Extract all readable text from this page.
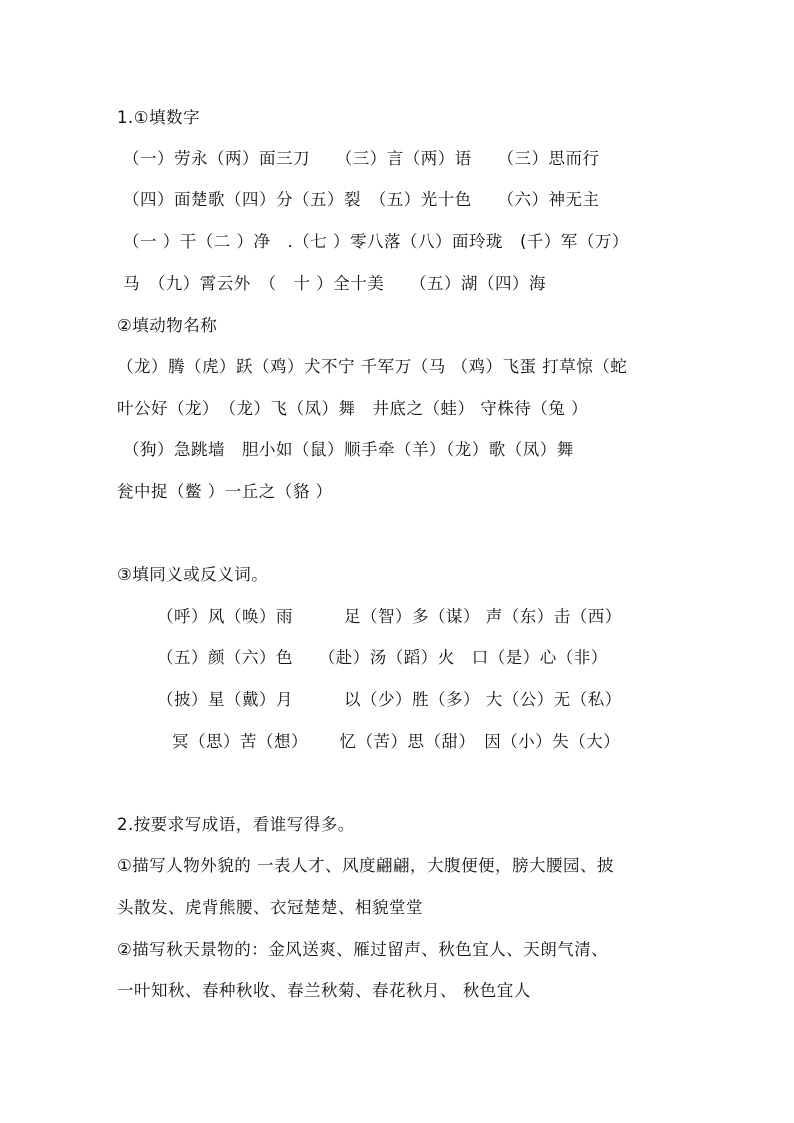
1.①填数字
（一）劳永（两）面三刀　　（三）言（两）语　　（三）思而行
（四）面楚歌（四）分（五）裂　（五）光十色　　（六）神无主
（一 ）干（二 ）净　.（七 ）零八落（八）面玲珑　(千）军（万）
马　（九）霄云外　（　十 ）全十美　　（五）湖（四）海
②填动物名称
（龙）腾（虎）跃（鸡）犬不宁 千军万（马 （鸡）飞蛋 打草惊（蛇
叶公好（龙）　（龙）飞（凤）舞　井底之（蛙） 守株待（兔 ）
（狗）急跳墙　胆小如（鼠）顺手牵（羊）（龙）歌（凤）舞
瓮中捉（鳖 ）一丘之（貉 ）
③填同义或反义词。
（呼）风（唤）雨　　　足（智）多（谋） 声（东）击（西）
（五）颜（六）色　　（赴）汤（蹈）火　口（是）心（非）
（披）星（戴）月　　　以（少）胜（多） 大（公）无（私）
冥（思）苦（想）　　 忆（苦）思（甜）　因（小）失（大）
2.按要求写成语，看谁写得多。
①描写人物外貌的 一表人才、风度翩翩，大腹便便，膀大腰园、披
头散发、虎背熊腰、衣冠楚楚、相貌堂堂
②描写秋天景物的：金风送爽、雁过留声、秋色宜人、天朗气清、
一叶知秋、春种秋收、春兰秋菊、春花秋月、 秋色宜人
